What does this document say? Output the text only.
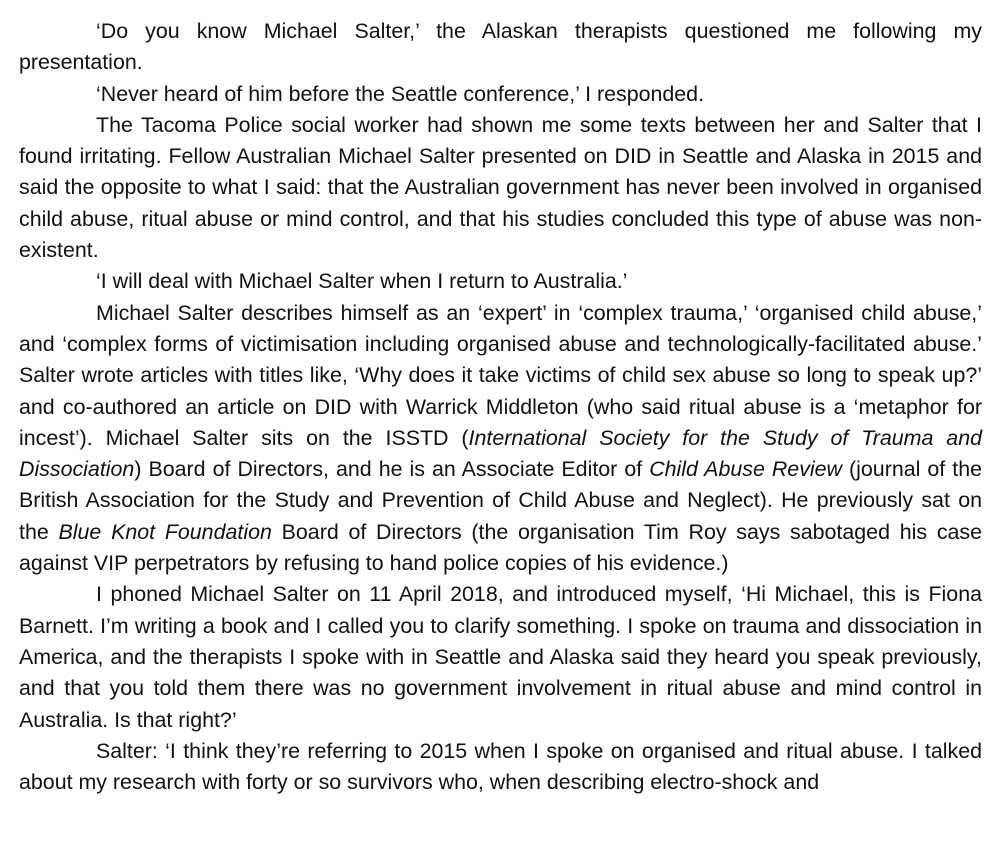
‘Do you know Michael Salter,’ the Alaskan therapists questioned me following my presentation.

‘Never heard of him before the Seattle conference,’ I responded.

The Tacoma Police social worker had shown me some texts between her and Salter that I found irritating. Fellow Australian Michael Salter presented on DID in Seattle and Alaska in 2015 and said the opposite to what I said: that the Australian government has never been involved in organised child abuse, ritual abuse or mind control, and that his studies concluded this type of abuse was non-existent.

‘I will deal with Michael Salter when I return to Australia.’

Michael Salter describes himself as an ‘expert’ in ‘complex trauma,’ ‘organised child abuse,’ and ‘complex forms of victimisation including organised abuse and technologically-facilitated abuse.’ Salter wrote articles with titles like, ‘Why does it take victims of child sex abuse so long to speak up?’ and co-authored an article on DID with Warrick Middleton (who said ritual abuse is a ‘metaphor for incest’). Michael Salter sits on the ISSTD (International Society for the Study of Trauma and Dissociation) Board of Directors, and he is an Associate Editor of Child Abuse Review (journal of the British Association for the Study and Prevention of Child Abuse and Neglect). He previously sat on the Blue Knot Foundation Board of Directors (the organisation Tim Roy says sabotaged his case against VIP perpetrators by refusing to hand police copies of his evidence.)

I phoned Michael Salter on 11 April 2018, and introduced myself, ‘Hi Michael, this is Fiona Barnett. I’m writing a book and I called you to clarify something. I spoke on trauma and dissociation in America, and the therapists I spoke with in Seattle and Alaska said they heard you speak previously, and that you told them there was no government involvement in ritual abuse and mind control in Australia. Is that right?’

Salter: ‘I think they’re referring to 2015 when I spoke on organised and ritual abuse. I talked about my research with forty or so survivors who, when describing electro-shock and
